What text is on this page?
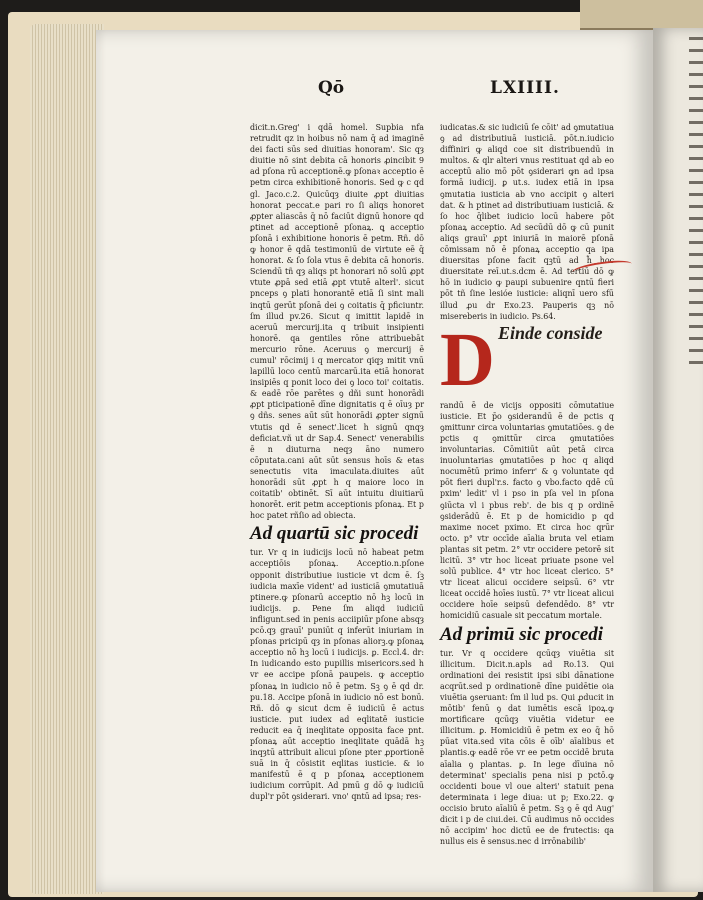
Qō	LXIIII.

dicit.n.Greg' i qdā homel. Supbia nfa retrudit qz in hoibus nō nam q̄ ad imaginē dei facti sūs sed diuitias honoram'. Sic qȝ diuitie nō sint debita cā honoris ꝓincibit 9 ad pſona rū acceptionē.ꝙ pſonaꝛ acceptio ē petm circa exhibitionē honoris. Sed ꝙ c qd gl. Jaco.c.2. Quicūqȝ diuite ꝓpt diuitias honorat peccat.e pari ro ſi aliqs honoret ꝓpter aliascās q̄ nō faciūt dignū honore qd ꝑtinet ad acceptionē pſonaꝝ. ꝗ acceptio pſonā i exhibitione honoris ē petm. Rñ. dō ꝙ honor ē qdā testimoniū de virtute eē q̄ honorat. & ſo ſola vtus ē debita cā honoris. Sciendū tñ qȝ aliqs pt honorari nō solū ꝓpt vtute ꝓpā sed etiā ꝓpt vtutē alterl'. sicut pnceps ꝯ plati honorantē etiā ſi sint mali inqtū gerūt pſonā dei ꝯ coitatis q̄ pficiuntr. ſm illud pv.26. Sicut q imittit lapidē in aceruū mercurij.ita q tribuit insipienti honorē. qa gentiles rōne attribuebāt mercurio rōne. Aceruus ꝯ mercurij ē cumul' rōcimij i q mercator qiqȝ mitit vnū lapillū loco centū marcarū.ita etiā honorat insipiēs q ponit loco dei ꝯ loco toi' coitatis. & eadē rōe parētes ꝯ dñi sunt honorādi ꝓpt pticipationē dīne dignitatis q ē oīuȝ pr ꝯ dñs. senes aūt sūt honorādi ꝓpter signū vtutis qd ē senect'.licet h signū qnqȝ deficiat.vñ ut dr Sap.4. Senect' venerabilis ē n diuturna neqȝ āno numero cōputata.cani aūt sūt sensus hoīs & etas senectutis vita imaculata.diuites aūt honorādi sūt ꝓpt h q maiore loco in coitatib' obtinēt. Sī aūt intuitu diuitiarū honorēt. erit petm acceptionis pſonaꝝ. Et p hoc patet rñſio ad obiecta.

Ad quartū sic procedi

tur. Vr q in iudicijs locū nō habeat petm acceptiōis pſonaꝝ. Acceptio.n.pſone opponit distributiue iusticie vt dcm ē. ſꝫ iudicia maxīe vident' ad iusticiā ꝯmutatiuā ptinere.ꝙ pſonarū acceptio nō hꝫ locū in iudicijs. ꝑ. Pene ſm aliqd iudiciū infligunt.sed in penis acciipiūr pſone absqȝ pcō.qȝ grauī' puniūt q inferūt iniuriam in pſonas pricipū qȝ in pſonas aliorꝫ.ꝙ pſonaꝝ acceptio nō hꝫ locū i iudicijs. ꝑ. Eccl.4. dr: In iudicando esto pupillis misericors.sed h vr ee accipe pſonā paupeis. ꝙ acceptio pſonaꝝ in iudicio nō ē petm. Sꝫ ꝯ ē qd dr. pu.18. Accipe pſonā in iudicio nō est bonū. Rñ. dō ꝙ sicut dcm ē iudiciū ē actus iusticie. put iudex ad eqlitatē iusticie reducit ea q̄ ineqlitate opposita face pnt. pſonaꝝ aūt acceptio ineqlitate quādā hꝫ inqȝtū attribuit alicui pſone pter ꝓportionē suā in q̄ cōsistit eqlitas iusticie. & io manifestū ē q p pſonaꝝ acceptionem iudicium corrūpit. Ad pmū g dō ꝙ iudiciū dupl'r pōt ꝯsiderari. vno' qntū ad ipsa; res-

iudicatas.& sic iudiciū ſe cōit' ad ꝯmutatiua ꝯ ad distributiuā iusticiā. pōt.n.iudicio diffiniri ꝙ aliqd coe sit distribuendū in multos. & qlr alteri vnus restituat qd ab eo acceptū alio mō pōt ꝯsiderari ꝙn ad ipsa formā iudicij. ꝑ ut.s. iudex etiā in ipsa ꝯmutatia iusticia ab vno accipit ꝯ alteri dat. & h ptinet ad distributiuam iusticiā. & ſo hoc q̄libet iudicio locū habere pōt pſonaꝝ acceptio. Ad secūdū dō ꝙ cū punit aliqs grauī' ꝓpt iniuriā in maiorē pſonā cōmissam nō ē pſonaꝝ acceptio qa ipa diuersitas pſone facit qꝫtū ad h̃ hoc diuersitate reī.ut.s.dcm ē. Ad tertiū dō ꝙ hō in iudicio ꝙ paupi subuenire qntū fieri pōt tñ ſine lesióe iusticie: aliqnī uero sfū illud ꝓu dr Exo.23. Pauperis qꝫ nō misereberis in iudicio. Ps.64.

D Einde conside

randū ē de vicijs oppositi cōmutatiue iusticie. Et p̄o ꝯsiderandū ē de pctis q ꝯmittunr circa voluntarias ꝯmutatiōes. ꝯ de pctis q ꝯmittūr circa ꝯmutatiōes involuntarias. Cōmitiūt aūt petā circa inuoluntarias ꝯmutatiōes p hoc q aliqd nocumētū primo inferr' & ꝯ voluntate qd pōt fieri dupl'r.s. facto ꝯ vbo.facto qdē cū pxim' ledit' vl i pso in pſa vel in pſona ꝯiūcta vl i pbus reb'. de bis q p ordinē ꝯsiderādū ē. Et p de homicidio p qd maxime nocet pximo. Et circa hoc qrūr octo. p° vtr occīde aīalia bruta vel etiam plantas sit petm. 2° vtr occidere petorē sit licitū. 3° vtr hoc liceat priuate psone vel solū publice. 4° vtr hoc liceat clerico. 5° vtr liceat alicui occidere seipsū. 6° vtr liceat occidē hoīes iustū. 7° vtr liceat alicui occidere hoīe seipsū defendēdo. 8° vtr homicidiū casuale sit peccatum mortale.

Ad primū sic procedi

tur. Vr q occidere qcūqȝ viuētia sit illicitum. Dicit.n.apls ad Ro.13. Qui ordinationi dei resistit ipsi sibi dānatione acqrūt.sed p ordinationē dīne puidētie oia viuētia ꝯseruant: ſm il lud ps. Qui ꝓducit in mōtib' fenū ꝯ dat iumētis escā ipoꝝ.ꝙ mortificare qcūqȝ viuētia videtur ee illicitum. ꝑ. Homicidiū ē petm ex eo q̄ hō pūat vita.sed vita cōis ē oīb' aīalibus et plantis.ꝙ eadē rōe vr ee petm occidē bruta aīalia ꝯ plantas. ꝑ. In lege dīuina nō determinat' specialis pena nisi p pctō.ꝙ occidenti boue vl oue alteri' statuit pena determinata i lege diua: ut p; Exo.22. ꝙ occisio bruto aīaliū ē petm. Sꝫ ꝯ ē qd Aug' dicit i p de ciui.dei. Cū audimus nō occides nō accipim' hoc dictū ee de frutectis: qa nullus eis ē sensus.nec d irrōnabilib'
